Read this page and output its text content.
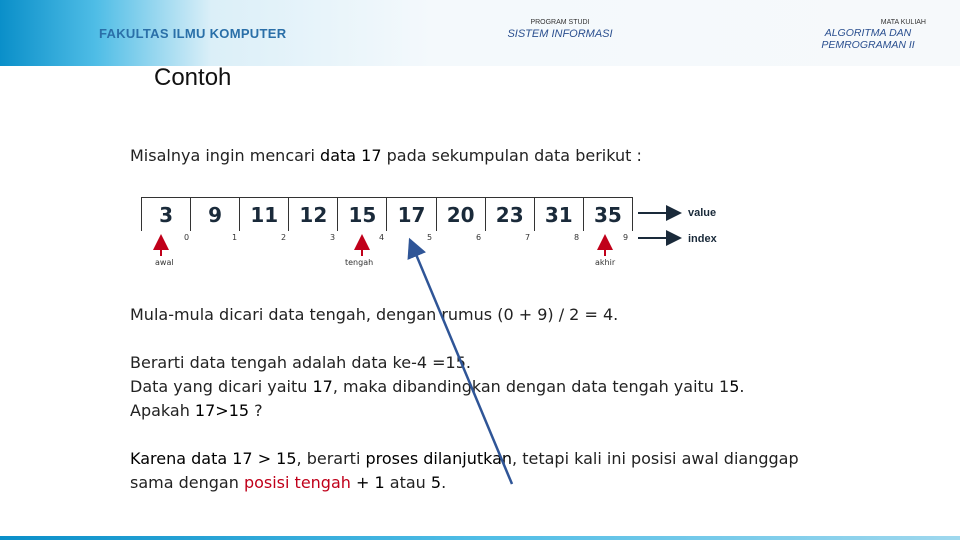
FAKULTAS ILMU KOMPUTER
PROGRAM STUDI
SISTEM INFORMASI
MATA KULIAH
ALGORITMA DAN
PEMROGRAMAN II
Contoh
Misalnya ingin mencari data 17 pada sekumpulan data berikut :
3	9	11	12	15	17	20	23	31	35
0	1	2	3	4	5	6	7	8	9
awal	tengah	akhir
value
index
Mula-mula dicari data tengah, dengan rumus (0 + 9) / 2 = 4.
Berarti data tengah adalah data ke-4 =15.
Data yang dicari yaitu 17, maka dibandingkan dengan data tengah yaitu 15.
Apakah 17>15 ?
Karena data 17 > 15, berarti proses dilanjutkan, tetapi kali ini posisi awal dianggap
sama dengan posisi tengah + 1 atau 5.
